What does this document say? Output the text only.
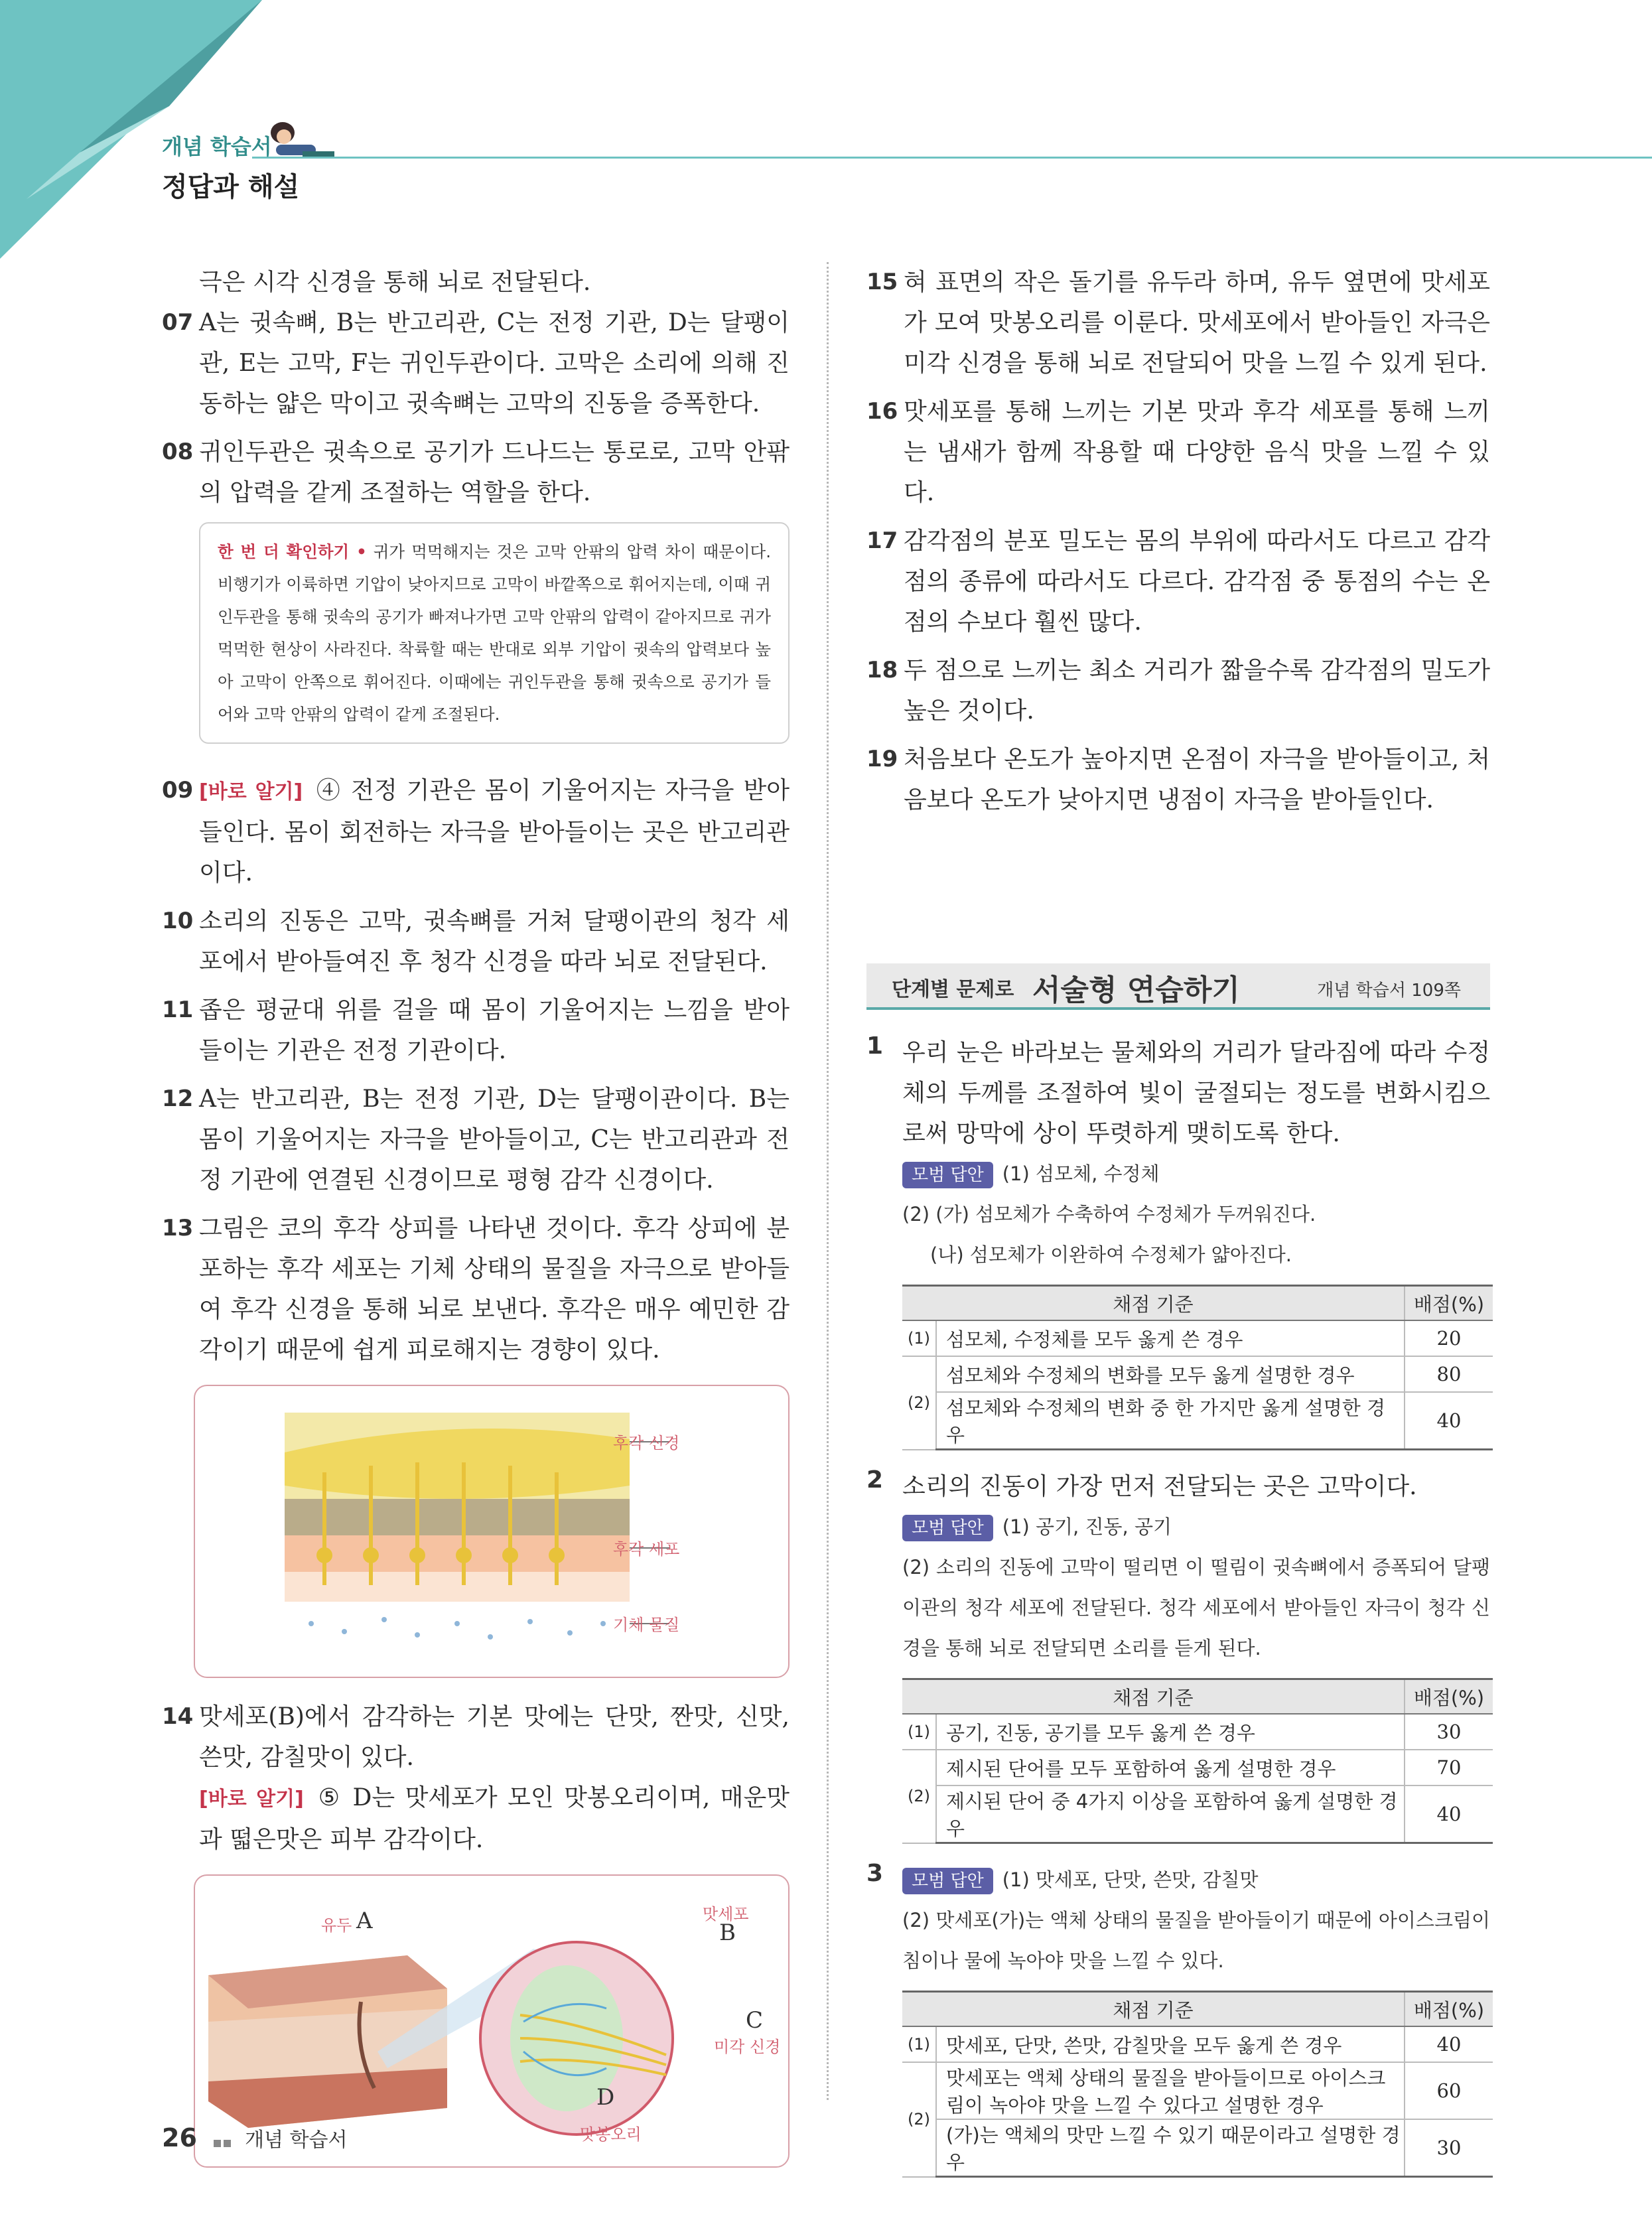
개념 학습서
정답과 해설
극은 시각 신경을 통해 뇌로 전달된다.
07 A는 귓속뼈, B는 반고리관, C는 전정 기관, D는 달팽이관, E는 고막, F는 귀인두관이다. 고막은 소리에 의해 진동하는 얇은 막이고 귓속뼈는 고막의 진동을 증폭한다.
08 귀인두관은 귓속으로 공기가 드나드는 통로로, 고막 안팎의 압력을 같게 조절하는 역할을 한다.
한 번 더 확인하기 • 귀가 먹먹해지는 것은 고막 안팎의 압력 차이 때문이다. 비행기가 이륙하면 기압이 낮아지므로 고막이 바깥쪽으로 휘어지는데, 이때 귀인두관을 통해 귓속의 공기가 빠져나가면 고막 안팎의 압력이 같아지므로 귀가 먹먹한 현상이 사라진다. 착륙할 때는 반대로 외부 기압이 귓속의 압력보다 높아 고막이 안쪽으로 휘어진다. 이때에는 귀인두관을 통해 귓속으로 공기가 들어와 고막 안팎의 압력이 같게 조절된다.
09 [바로 알기] ④ 전정 기관은 몸이 기울어지는 자극을 받아들인다. 몸이 회전하는 자극을 받아들이는 곳은 반고리관이다.
10 소리의 진동은 고막, 귓속뼈를 거쳐 달팽이관의 청각 세포에서 받아들여진 후 청각 신경을 따라 뇌로 전달된다.
11 좁은 평균대 위를 걸을 때 몸이 기울어지는 느낌을 받아들이는 기관은 전정 기관이다.
12 A는 반고리관, B는 전정 기관, D는 달팽이관이다. B는 몸이 기울어지는 자극을 받아들이고, C는 반고리관과 전정 기관에 연결된 신경이므로 평형 감각 신경이다.
13 그림은 코의 후각 상피를 나타낸 것이다. 후각 상피에 분포하는 후각 세포는 기체 상태의 물질을 자극으로 받아들여 후각 신경을 통해 뇌로 보낸다. 후각은 매우 예민한 감각이기 때문에 쉽게 피로해지는 경향이 있다.
후각 신경
후각 세포
기체 물질
14 맛세포(B)에서 감각하는 기본 맛에는 단맛, 짠맛, 신맛, 쓴맛, 감칠맛이 있다.
[바로 알기] ⑤ D는 맛세포가 모인 맛봉오리이며, 매운맛과 떫은맛은 피부 감각이다.
유두 A	맛세포
B
C
미각 신경
D
맛봉오리
15 혀 표면의 작은 돌기를 유두라 하며, 유두 옆면에 맛세포가 모여 맛봉오리를 이룬다. 맛세포에서 받아들인 자극은 미각 신경을 통해 뇌로 전달되어 맛을 느낄 수 있게 된다.
16 맛세포를 통해 느끼는 기본 맛과 후각 세포를 통해 느끼는 냄새가 함께 작용할 때 다양한 음식 맛을 느낄 수 있다.
17 감각점의 분포 밀도는 몸의 부위에 따라서도 다르고 감각점의 종류에 따라서도 다르다. 감각점 중 통점의 수는 온점의 수보다 훨씬 많다.
18 두 점으로 느끼는 최소 거리가 짧을수록 감각점의 밀도가 높은 것이다.
19 처음보다 온도가 높아지면 온점이 자극을 받아들이고, 처음보다 온도가 낮아지면 냉점이 자극을 받아들인다.
단계별 문제로 서술형 연습하기	개념 학습서 109쪽
1 우리 눈은 바라보는 물체와의 거리가 달라짐에 따라 수정체의 두께를 조절하여 빛이 굴절되는 정도를 변화시킴으로써 망막에 상이 뚜렷하게 맺히도록 한다.
모범 답안 (1) 섬모체, 수정체
(2) (가) 섬모체가 수축하여 수정체가 두꺼워진다.
(나) 섬모체가 이완하여 수정체가 얇아진다.
채점 기준		배점(%)
(1)	섬모체, 수정체를 모두 옳게 쓴 경우	20
(2)	섬모체와 수정체의 변화를 모두 옳게 설명한 경우	80
	섬모체와 수정체의 변화 중 한 가지만 옳게 설명한 경우	40
2 소리의 진동이 가장 먼저 전달되는 곳은 고막이다.
모범 답안 (1) 공기, 진동, 공기
(2) 소리의 진동에 고막이 떨리면 이 떨림이 귓속뼈에서 증폭되어 달팽이관의 청각 세포에 전달된다. 청각 세포에서 받아들인 자극이 청각 신경을 통해 뇌로 전달되면 소리를 듣게 된다.
채점 기준		배점(%)
(1)	공기, 진동, 공기를 모두 옳게 쓴 경우	30
(2)	제시된 단어를 모두 포함하여 옳게 설명한 경우	70
	제시된 단어 중 4가지 이상을 포함하여 옳게 설명한 경우	40
3	모범 답안 (1) 맛세포, 단맛, 쓴맛, 감칠맛
(2) 맛세포(가)는 액체 상태의 물질을 받아들이기 때문에 아이스크림이 침이나 물에 녹아야 맛을 느낄 수 있다.
채점 기준		배점(%)
(1)	맛세포, 단맛, 쓴맛, 감칠맛을 모두 옳게 쓴 경우	40
(2)	맛세포는 액체 상태의 물질을 받아들이므로 아이스크림이 녹아야 맛을 느낄 수 있다고 설명한 경우	60
	(가)는 액체의 맛만 느낄 수 있기 때문이라고 설명한 경우	30
26 개념 학습서
